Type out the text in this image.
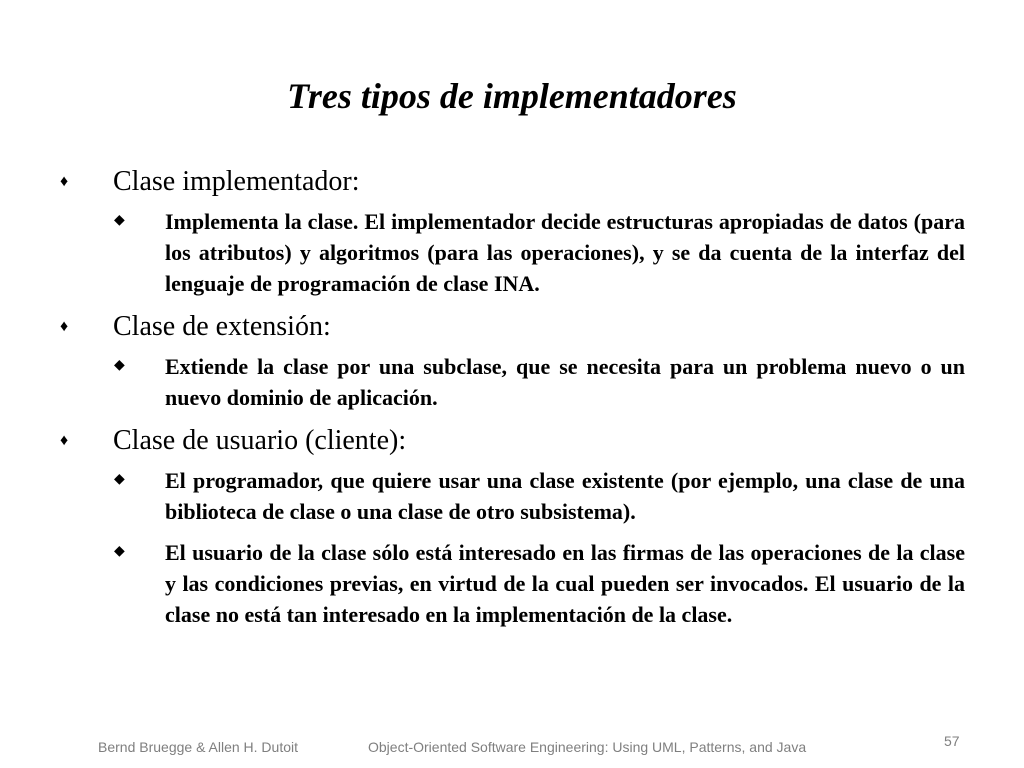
Tres tipos de implementadores
♦ Clase implementador:
◆ Implementa la clase. El implementador decide estructuras apropiadas de datos (para los atributos) y algoritmos (para las operaciones), y se da cuenta de la interfaz del lenguaje de programación de clase INA.
♦ Clase de extensión:
◆ Extiende la clase por una subclase, que se necesita para un problema nuevo o un nuevo dominio de aplicación.
♦ Clase de usuario (cliente):
◆ El programador, que quiere usar una clase existente (por ejemplo, una clase de una biblioteca de clase o una clase de otro subsistema).
◆ El usuario de la clase sólo está interesado en las firmas de las operaciones de la clase y las condiciones previas, en virtud de la cual pueden ser invocados. El usuario de la clase no está tan interesado en la implementación de la clase.
Bernd Bruegge & Allen H. Dutoit	Object-Oriented Software Engineering: Using UML, Patterns, and Java	57
